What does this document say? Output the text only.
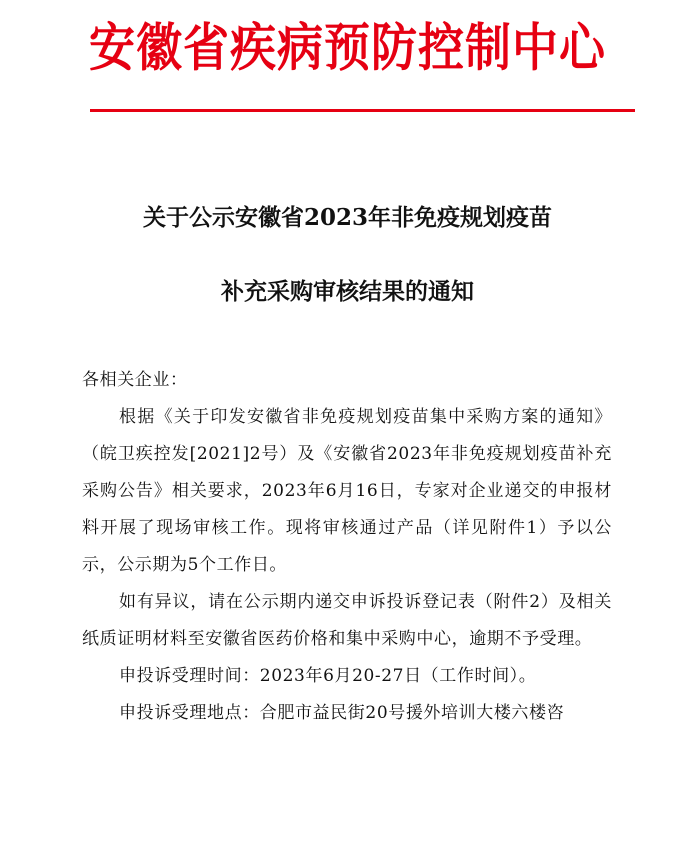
安徽省疾病预防控制中心
关于公示安徽省2023年非免疫规划疫苗
补充采购审核结果的通知

各相关企业：

根据《关于印发安徽省非免疫规划疫苗集中采购方案的通知》（皖卫疾控发[2021]2号）及《安徽省2023年非免疫规划疫苗补充采购公告》相关要求，2023年6月16日，专家对企业递交的申报材料开展了现场审核工作。现将审核通过产品（详见附件1）予以公示，公示期为5个工作日。

如有异议，请在公示期内递交申诉投诉登记表（附件2）及相关纸质证明材料至安徽省医药价格和集中采购中心，逾期不予受理。

申投诉受理时间：2023年6月20-27日（工作时间）。

申投诉受理地点：合肥市益民街20号援外培训大楼六楼咨
